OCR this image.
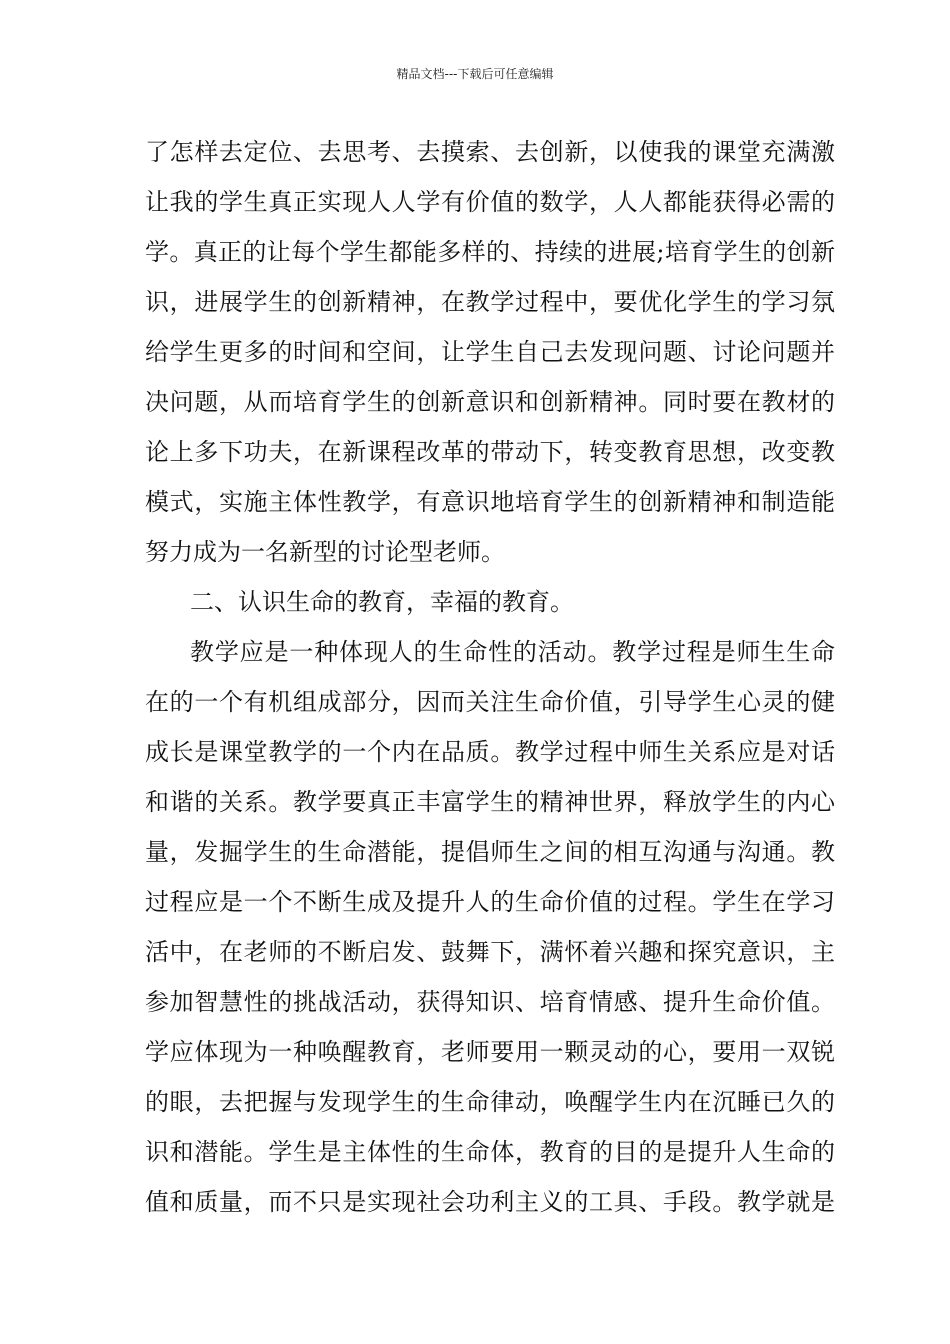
精品文档---下载后可任意编辑
了怎样去定位、去思考、去摸索、去创新，以使我的课堂充满激
让我的学生真正实现人人学有价值的数学，人人都能获得必需的
学。真正的让每个学生都能多样的、持续的进展;培育学生的创新
识，进展学生的创新精神，在教学过程中，要优化学生的学习氛
给学生更多的时间和空间，让学生自己去发现问题、讨论问题并
决问题，从而培育学生的创新意识和创新精神。同时要在教材的
论上多下功夫，在新课程改革的带动下，转变教育思想，改变教
模式，实施主体性教学，有意识地培育学生的创新精神和制造能
努力成为一名新型的讨论型老师。
二、认识生命的教育，幸福的教育。
教学应是一种体现人的生命性的活动。教学过程是师生生命
在的一个有机组成部分，因而关注生命价值，引导学生心灵的健
成长是课堂教学的一个内在品质。教学过程中师生关系应是对话
和谐的关系。教学要真正丰富学生的精神世界，释放学生的内心
量，发掘学生的生命潜能，提倡师生之间的相互沟通与沟通。教
过程应是一个不断生成及提升人的生命价值的过程。学生在学习
活中，在老师的不断启发、鼓舞下，满怀着兴趣和探究意识，主
参加智慧性的挑战活动，获得知识、培育情感、提升生命价值。
学应体现为一种唤醒教育，老师要用一颗灵动的心，要用一双锐
的眼，去把握与发现学生的生命律动，唤醒学生内在沉睡已久的
识和潜能。学生是主体性的生命体，教育的目的是提升人生命的
值和质量，而不只是实现社会功利主义的工具、手段。教学就是
